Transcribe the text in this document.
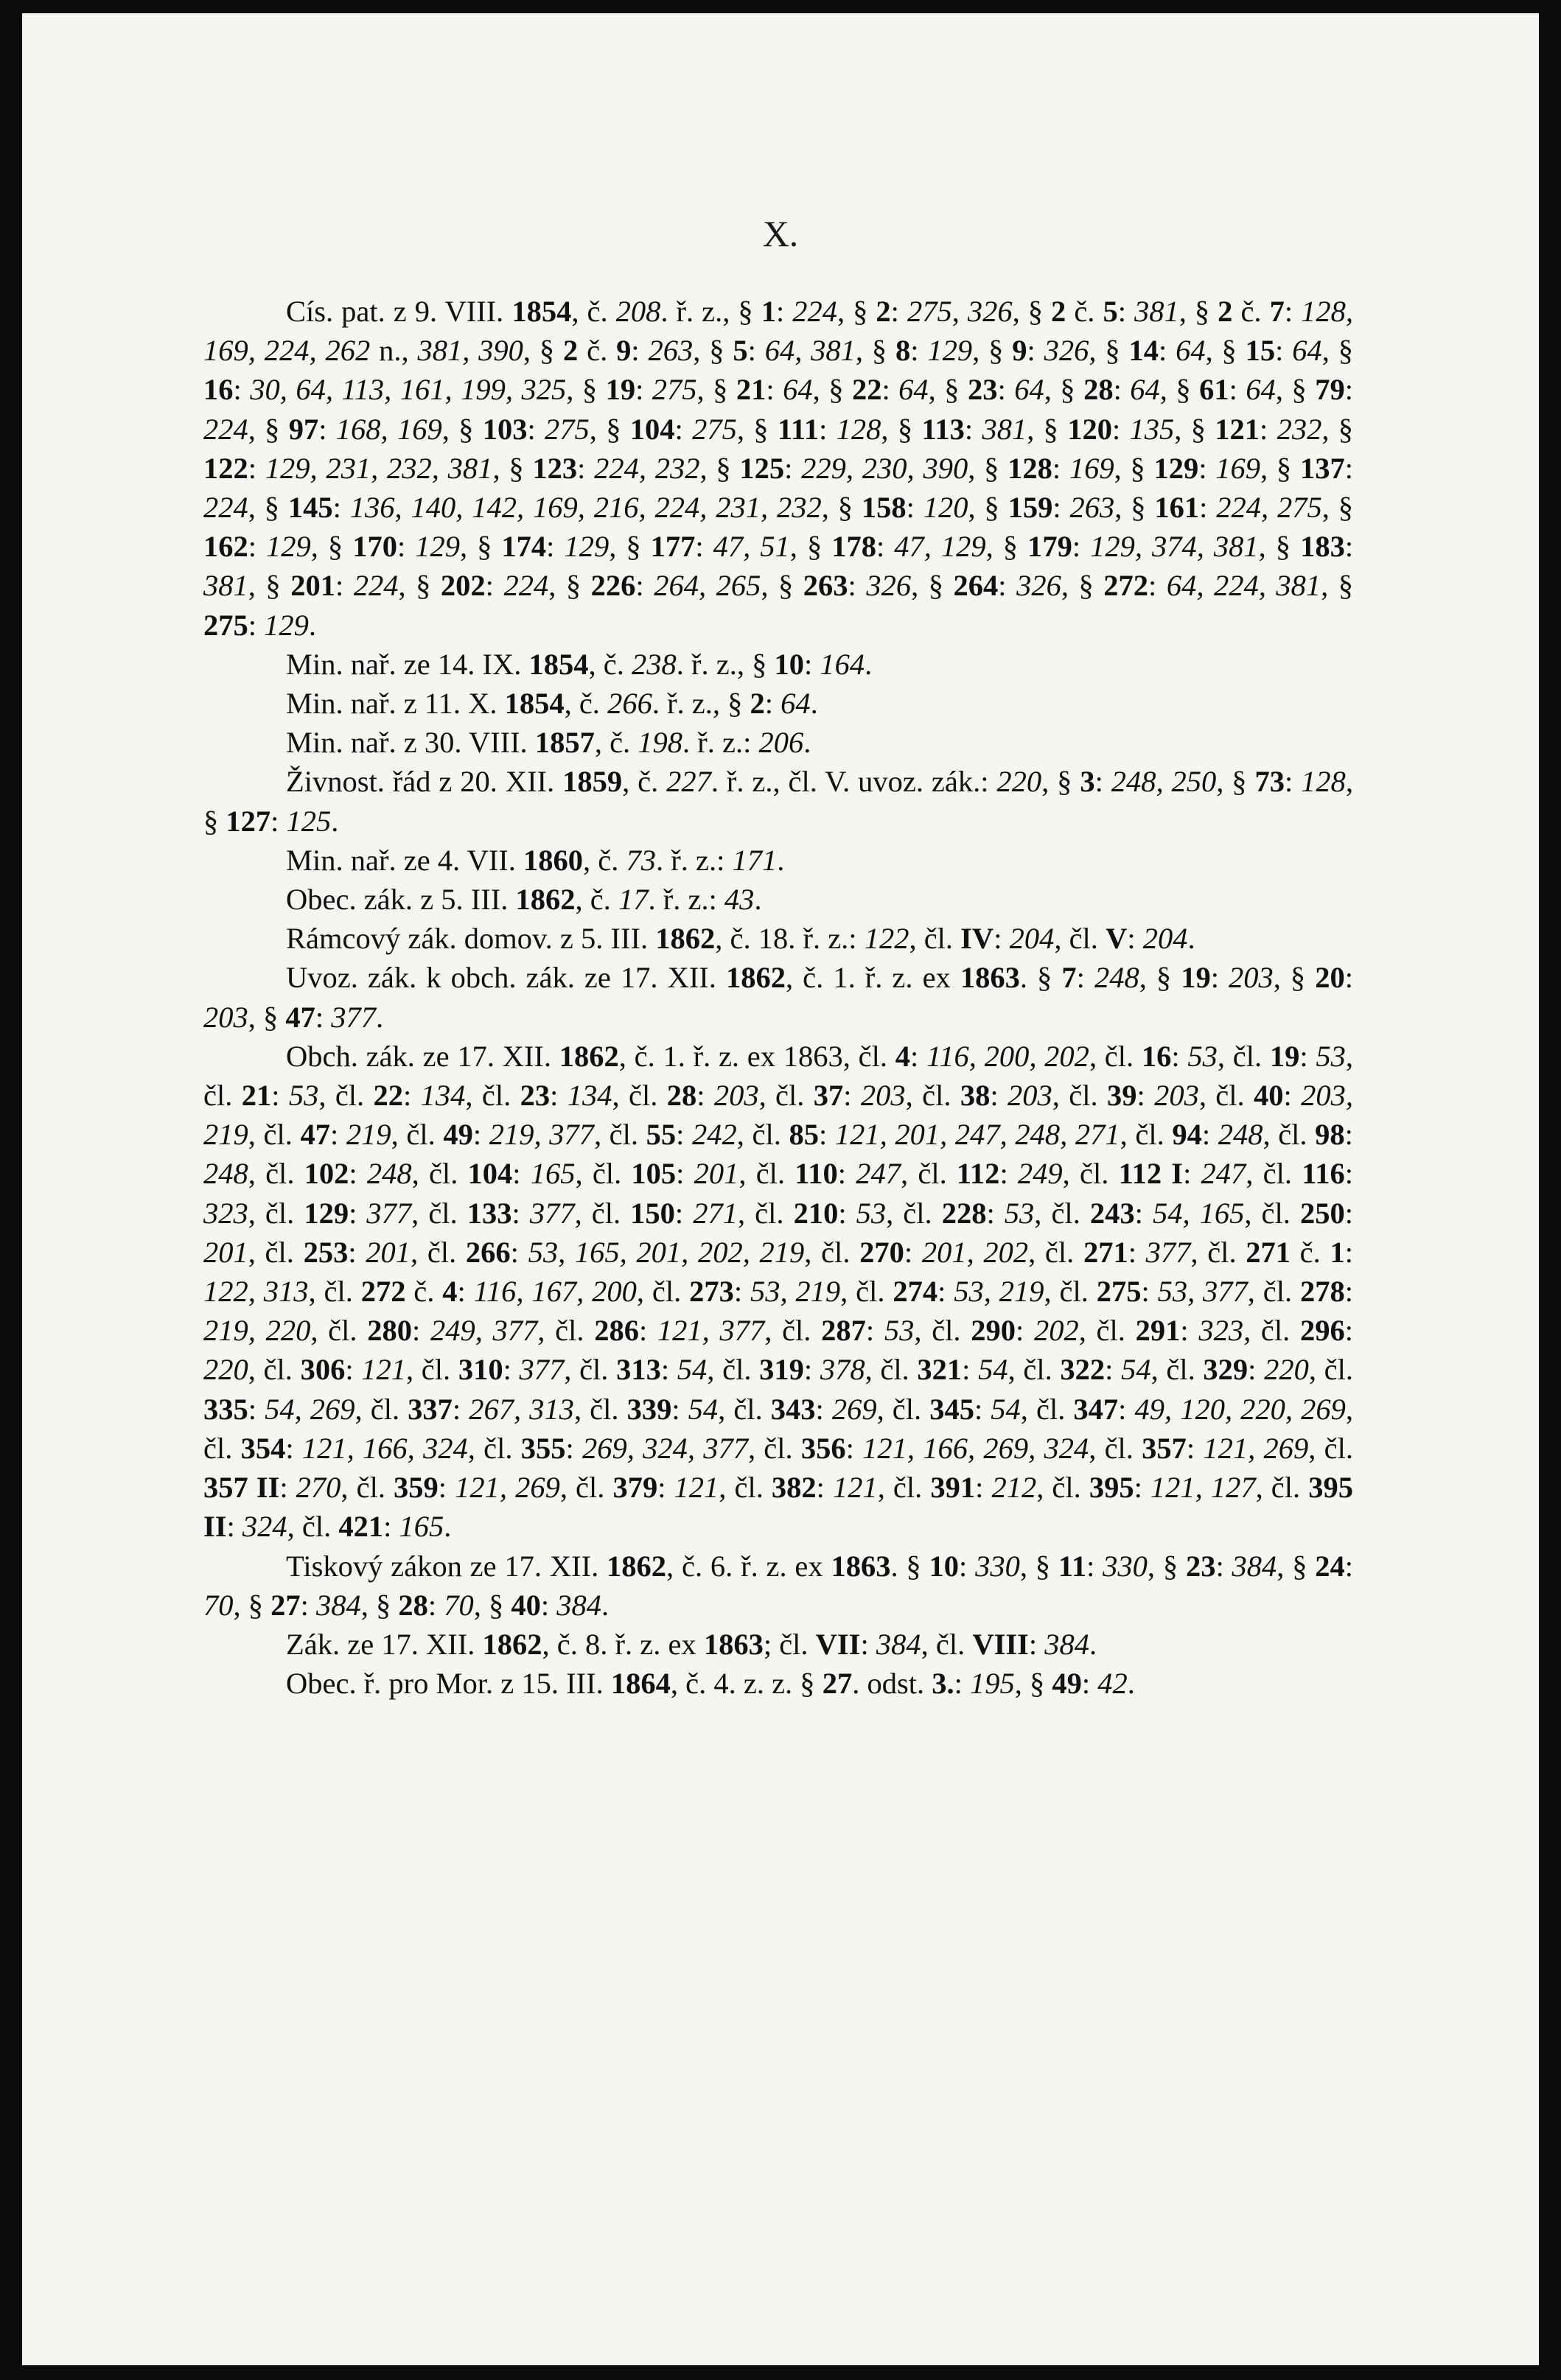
X.

Cís. pat. z 9. VIII. 1854, č. 208. ř. z., § 1: 224, § 2: 275, 326, § 2 č. 5: 381, § 2 č. 7: 128, 169, 224, 262 n., 381, 390, § 2 č. 9: 263, § 5: 64, 381, § 8: 129, § 9: 326, § 14: 64, § 15: 64, § 16: 30, 64, 113, 161, 199, 325, § 19: 275, § 21: 64, § 22: 64, § 23: 64, § 28: 64, § 61: 64, § 79: 224, § 97: 168, 169, § 103: 275, § 104: 275, § 111: 128, § 113: 381, § 120: 135, § 121: 232, § 122: 129, 231, 232, 381, § 123: 224, 232, § 125: 229, 230, 390, § 128: 169, § 129: 169, § 137: 224, § 145: 136, 140, 142, 169, 216, 224, 231, 232, § 158: 120, § 159: 263, § 161: 224, 275, § 162: 129, § 170: 129, § 174: 129, § 177: 47, 51, § 178: 47, 129, § 179: 129, 374, 381, § 183: 381, § 201: 224, § 202: 224, § 226: 264, 265, § 263: 326, § 264: 326, § 272: 64, 224, 381, § 275: 129.

Min. nař. ze 14. IX. 1854, č. 238. ř. z., § 10: 164.

Min. nař. z 11. X. 1854, č. 266. ř. z., § 2: 64.

Min. nař. z 30. VIII. 1857, č. 198. ř. z.: 206.

Živnost. řád z 20. XII. 1859, č. 227. ř. z., čl. V. uvoz. zák.: 220, § 3: 248, 250, § 73: 128, § 127: 125.

Min. nař. ze 4. VII. 1860, č. 73. ř. z.: 171.

Obec. zák. z 5. III. 1862, č. 17. ř. z.: 43.

Rámcový zák. domov. z 5. III. 1862, č. 18. ř. z.: 122, čl. IV: 204, čl. V: 204.

Uvoz. zák. k obch. zák. ze 17. XII. 1862, č. 1. ř. z. ex 1863. § 7: 248, § 19: 203, § 20: 203, § 47: 377.

Obch. zák. ze 17. XII. 1862, č. 1. ř. z. ex 1863, čl. 4: 116, 200, 202, čl. 16: 53, čl. 19: 53, čl. 21: 53, čl. 22: 134, čl. 23: 134, čl. 28: 203, čl. 37: 203, čl. 38: 203, čl. 39: 203, čl. 40: 203, 219, čl. 47: 219, čl. 49: 219, 377, čl. 55: 242, čl. 85: 121, 201, 247, 248, 271, čl. 94: 248, čl. 98: 248, čl. 102: 248, čl. 104: 165, čl. 105: 201, čl. 110: 247, čl. 112: 249, čl. 112 I: 247, čl. 116: 323, čl. 129: 377, čl. 133: 377, čl. 150: 271, čl. 210: 53, čl. 228: 53, čl. 243: 54, 165, čl. 250: 201, čl. 253: 201, čl. 266: 53, 165, 201, 202, 219, čl. 270: 201, 202, čl. 271: 377, čl. 271 č. 1: 122, 313, čl. 272 č. 4: 116, 167, 200, čl. 273: 53, 219, čl. 274: 53, 219, čl. 275: 53, 377, čl. 278: 219, 220, čl. 280: 249, 377, čl. 286: 121, 377, čl. 287: 53, čl. 290: 202, čl. 291: 323, čl. 296: 220, čl. 306: 121, čl. 310: 377, čl. 313: 54, čl. 319: 378, čl. 321: 54, čl. 322: 54, čl. 329: 220, čl. 335: 54, 269, čl. 337: 267, 313, čl. 339: 54, čl. 343: 269, čl. 345: 54, čl. 347: 49, 120, 220, 269, čl. 354: 121, 166, 324, čl. 355: 269, 324, 377, čl. 356: 121, 166, 269, 324, čl. 357: 121, 269, čl. 357 II: 270, čl. 359: 121, 269, čl. 379: 121, čl. 382: 121, čl. 391: 212, čl. 395: 121, 127, čl. 395 II: 324, čl. 421: 165.

Tiskový zákon ze 17. XII. 1862, č. 6. ř. z. ex 1863. § 10: 330, § 11: 330, § 23: 384, § 24: 70, § 27: 384, § 28: 70, § 40: 384.

Zák. ze 17. XII. 1862, č. 8. ř. z. ex 1863; čl. VII: 384, čl. VIII: 384.

Obec. ř. pro Mor. z 15. III. 1864, č. 4. z. z. § 27. odst. 3.: 195, § 49: 42.
